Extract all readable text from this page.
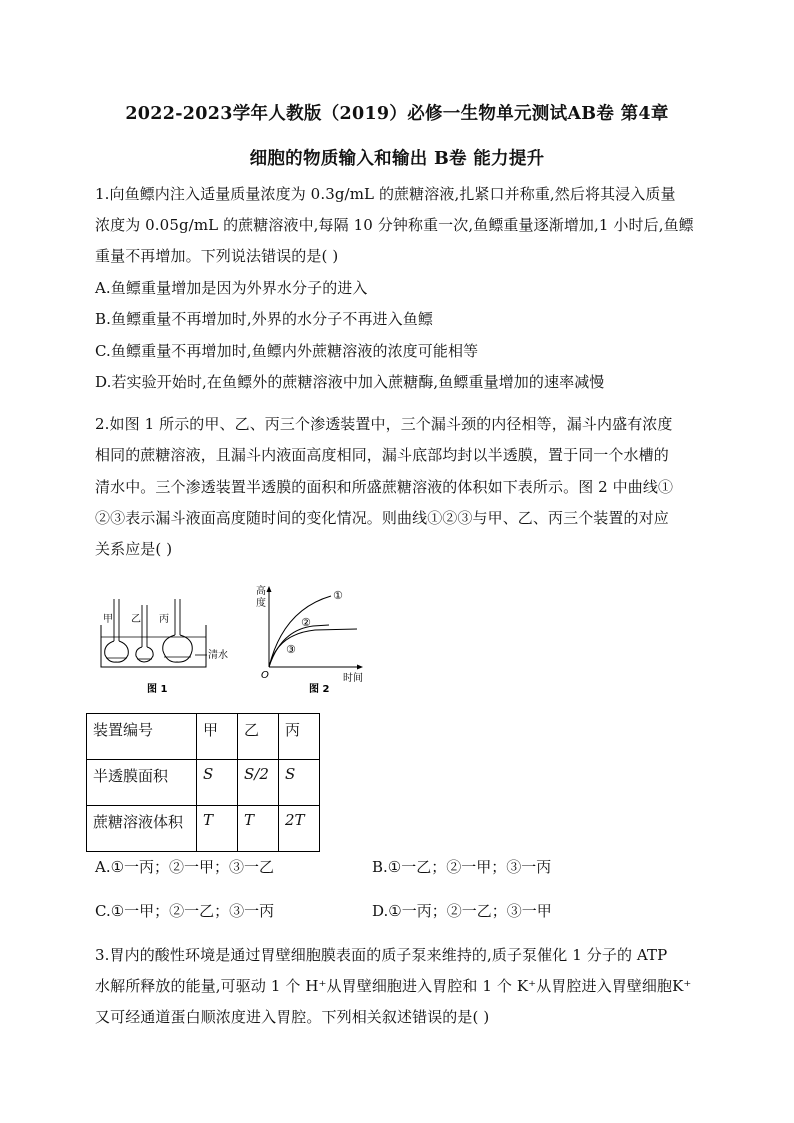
2022-2023学年人教版（2019）必修一生物单元测试AB卷 第4章
细胞的物质输入和输出 B卷 能力提升
1.向鱼鳔内注入适量质量浓度为 0.3g/mL 的蔗糖溶液,扎紧口并称重,然后将其浸入质量
浓度为 0.05g/mL 的蔗糖溶液中,每隔 10 分钟称重一次,鱼鳔重量逐渐增加,1 小时后,鱼鳔
重量不再增加。下列说法错误的是( )
A.鱼鳔重量增加是因为外界水分子的进入
B.鱼鳔重量不再增加时,外界的水分子不再进入鱼鳔
C.鱼鳔重量不再增加时,鱼鳔内外蔗糖溶液的浓度可能相等
D.若实验开始时,在鱼鳔外的蔗糖溶液中加入蔗糖酶,鱼鳔重量增加的速率减慢
2.如图 1 所示的甲、乙、丙三个渗透装置中，三个漏斗颈的内径相等，漏斗内盛有浓度
相同的蔗糖溶液，且漏斗内液面高度相同，漏斗底部均封以半透膜，置于同一个水槽的
清水中。三个渗透装置半透膜的面积和所盛蔗糖溶液的体积如下表所示。图 2 中曲线①
②③表示漏斗液面高度随时间的变化情况。则曲线①②③与甲、乙、丙三个装置的对应
关系应是( )
甲 乙 丙
清水
图 1
①
②
③
高
度
O	时间
图 2
装置编号	甲	乙	丙
半透膜面积	S	S/2	S
蔗糖溶液体积	T	T	2T
A.①一丙；②一甲；③一乙	B.①一乙；②一甲；③一丙
C.①一甲；②一乙；③一丙	D.①一丙；②一乙；③一甲
3.胃内的酸性环境是通过胃壁细胞膜表面的质子泵来维持的,质子泵催化 1 分子的 ATP
水解所释放的能量,可驱动 1 个 H⁺从胃壁细胞进入胃腔和 1 个 K⁺从胃腔进入胃壁细胞K⁺
又可经通道蛋白顺浓度进入胃腔。下列相关叙述错误的是( )
